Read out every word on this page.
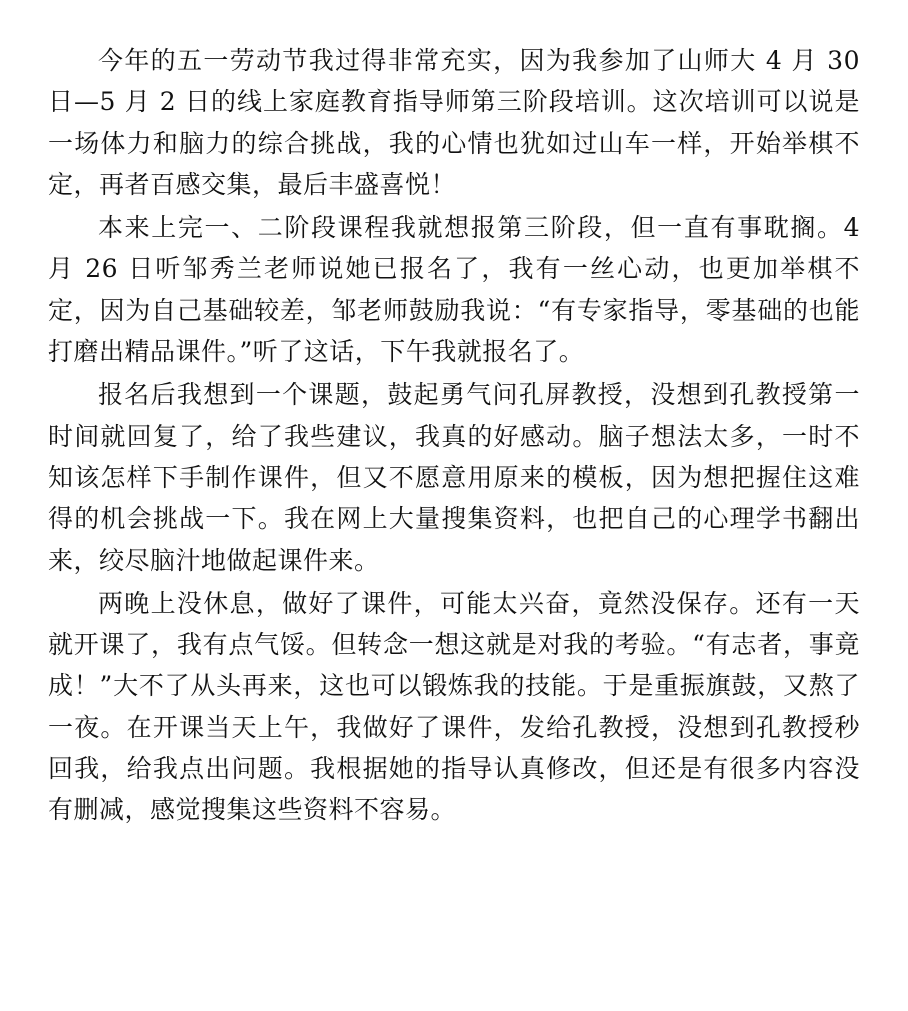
今年的五一劳动节我过得非常充实，因为我参加了山师大 4 月 30 日—5 月 2 日的线上家庭教育指导师第三阶段培训。这次培训可以说是一场体力和脑力的综合挑战，我的心情也犹如过山车一样，开始举棋不定，再者百感交集，最后丰盛喜悦！

本来上完一、二阶段课程我就想报第三阶段，但一直有事耽搁。4 月 26 日听邹秀兰老师说她已报名了，我有一丝心动，也更加举棋不定，因为自己基础较差，邹老师鼓励我说：“有专家指导，零基础的也能打磨出精品课件。”听了这话，下午我就报名了。

报名后我想到一个课题，鼓起勇气问孔屏教授，没想到孔教授第一时间就回复了，给了我些建议，我真的好感动。脑子想法太多，一时不知该怎样下手制作课件，但又不愿意用原来的模板，因为想把握住这难得的机会挑战一下。我在网上大量搜集资料，也把自己的心理学书翻出来，绞尽脑汁地做起课件来。

两晚上没休息，做好了课件，可能太兴奋，竟然没保存。还有一天就开课了，我有点气馁。但转念一想这就是对我的考验。“有志者，事竟成！”大不了从头再来，这也可以锻炼我的技能。于是重振旗鼓，又熬了一夜。在开课当天上午，我做好了课件，发给孔教授，没想到孔教授秒回我，给我点出问题。我根据她的指导认真修改，但还是有很多内容没有删减，感觉搜集这些资料不容易。
